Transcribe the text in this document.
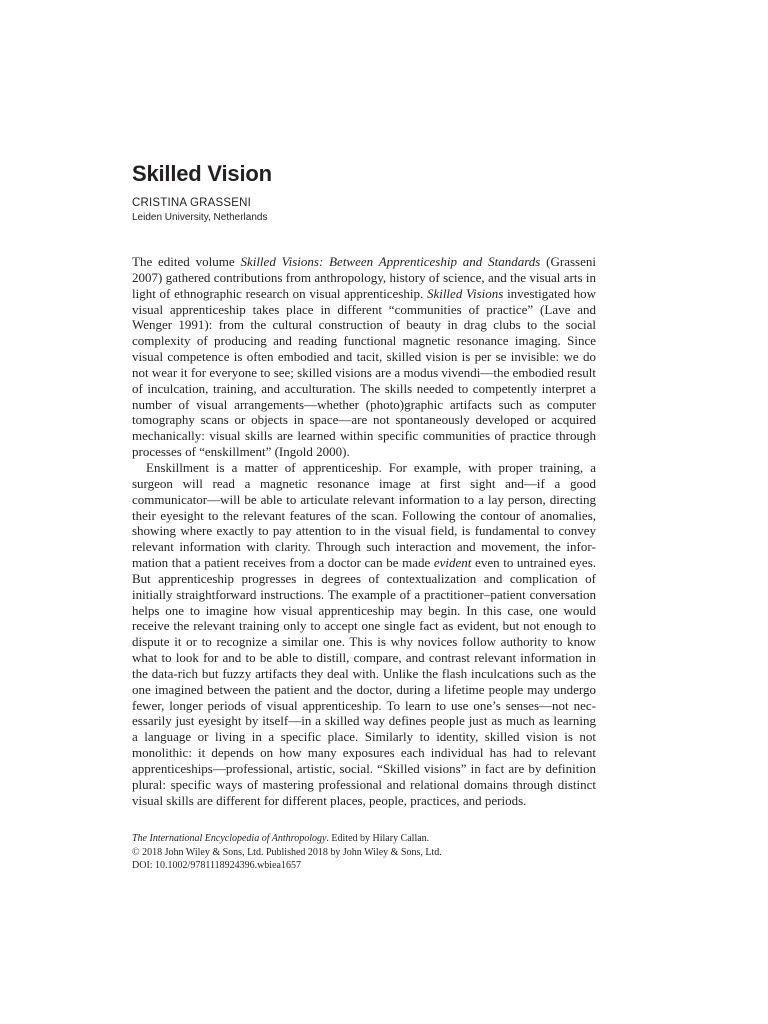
Skilled Vision
CRISTINA GRASSENI
Leiden University, Netherlands

The edited volume Skilled Visions: Between Apprenticeship and Standards (Grasseni 2007) gathered contributions from anthropology, history of science, and the visual arts in light of ethnographic research on visual apprenticeship. Skilled Visions investigated how visual apprenticeship takes place in different “communities of practice” (Lave and Wenger 1991): from the cultural construction of beauty in drag clubs to the social complexity of producing and reading functional magnetic resonance imaging. Since visual competence is often embodied and tacit, skilled vision is per se invisible: we do not wear it for everyone to see; skilled visions are a modus vivendi—the embodied result of inculcation, training, and acculturation. The skills needed to competently interpret a number of visual arrangements—whether (photo)graphic artifacts such as computer tomography scans or objects in space—are not spontaneously developed or acquired mechanically: visual skills are learned within specific communities of practice through processes of “enskillment” (Ingold 2000).

Enskillment is a matter of apprenticeship. For example, with proper training, a surgeon will read a magnetic resonance image at first sight and—if a good communicator—will be able to articulate relevant information to a lay person, directing their eyesight to the relevant features of the scan. Following the contour of anomalies, showing where exactly to pay attention to in the visual field, is fundamental to convey relevant information with clarity. Through such interaction and movement, the information that a patient receives from a doctor can be made evident even to untrained eyes. But apprenticeship progresses in degrees of contextualization and complication of initially straightforward instructions. The example of a practitioner–patient conversation helps one to imagine how visual apprenticeship may begin. In this case, one would receive the relevant training only to accept one single fact as evident, but not enough to dispute it or to recognize a similar one. This is why novices follow authority to know what to look for and to be able to distill, compare, and contrast relevant information in the data-rich but fuzzy artifacts they deal with. Unlike the flash inculcations such as the one imagined between the patient and the doctor, during a lifetime people may undergo fewer, longer periods of visual apprenticeship. To learn to use one’s senses—not necessarily just eyesight by itself—in a skilled way defines people just as much as learning a language or living in a specific place. Similarly to identity, skilled vision is not monolithic: it depends on how many exposures each individual has had to relevant apprenticeships—professional, artistic, social. “Skilled visions” in fact are by definition plural: specific ways of mastering professional and relational domains through distinct visual skills are different for different places, people, practices, and periods.

The International Encyclopedia of Anthropology. Edited by Hilary Callan.
© 2018 John Wiley & Sons, Ltd. Published 2018 by John Wiley & Sons, Ltd.
DOI: 10.1002/9781118924396.wbiea1657
